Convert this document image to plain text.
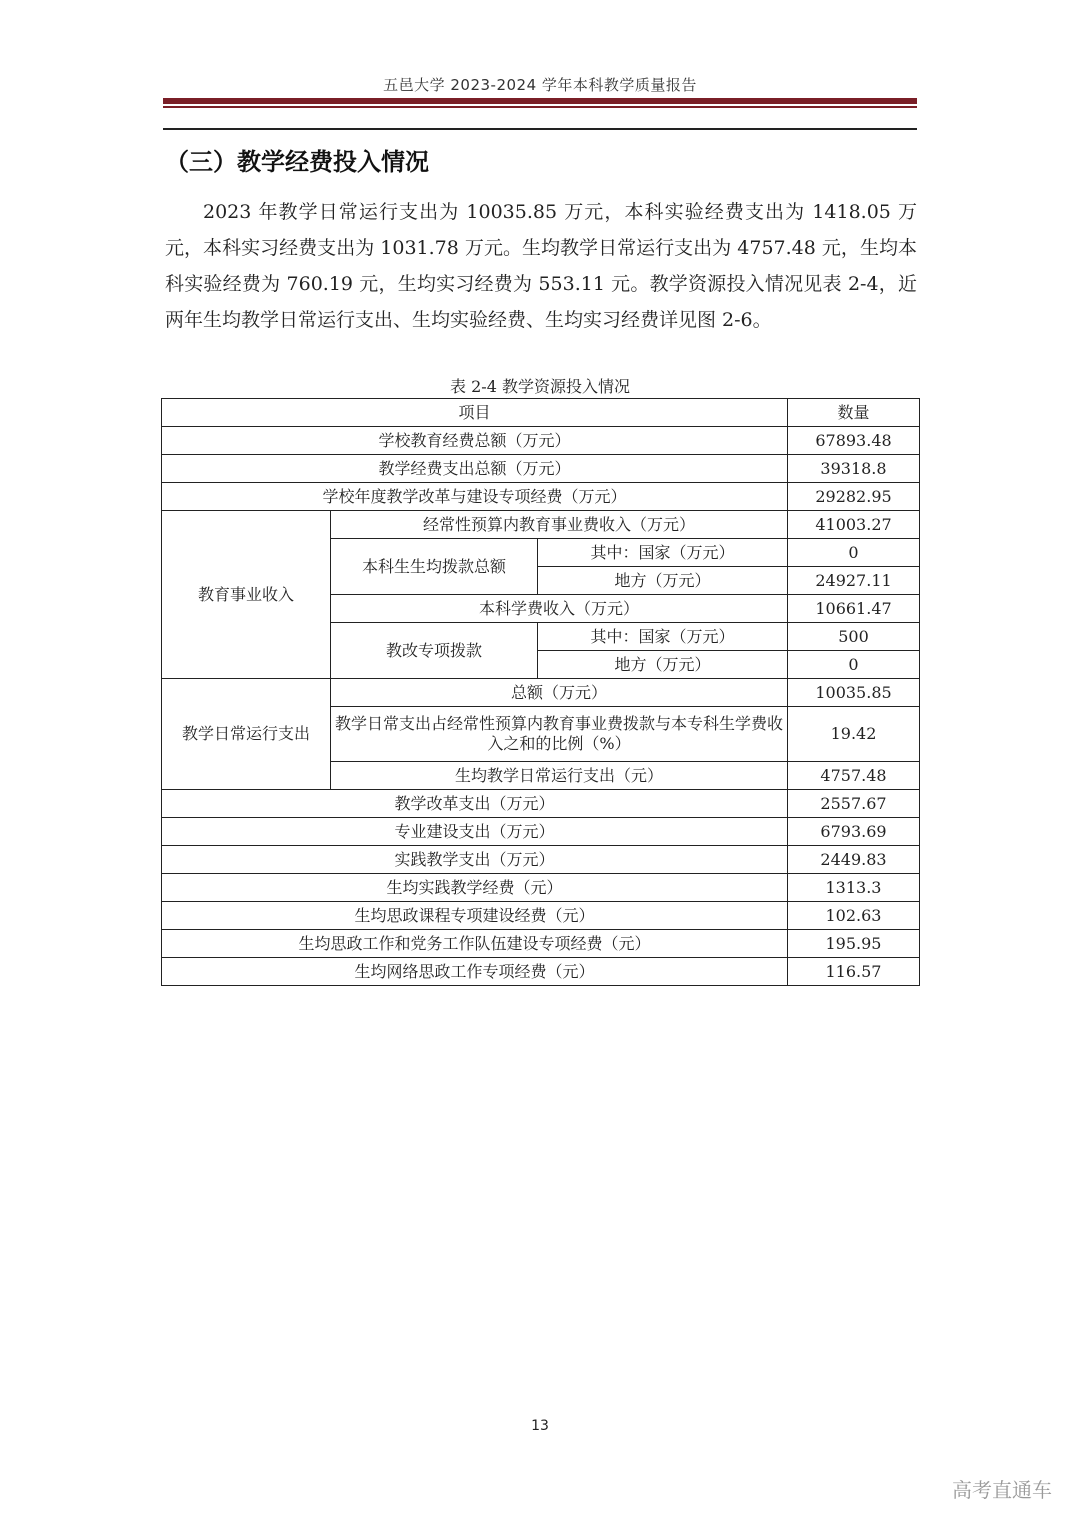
五邑大学 2023-2024 学年本科教学质量报告
（三）教学经费投入情况
2023 年教学日常运行支出为 10035.85 万元，本科实验经费支出为 1418.05 万元，本科实习经费支出为 1031.78 万元。生均教学日常运行支出为 4757.48 元，生均本科实验经费为 760.19 元，生均实习经费为 553.11 元。教学资源投入情况见表 2-4，近两年生均教学日常运行支出、生均实验经费、生均实习经费详见图 2-6。
表 2-4 教学资源投入情况
项目			数量
学校教育经费总额（万元）			67893.48
教学经费支出总额（万元）			39318.8
学校年度教学改革与建设专项经费（万元）			29282.95
教育事业收入	经常性预算内教育事业费收入（万元）		41003.27
	本科生生均拨款总额	其中：国家（万元）	0
		地方（万元）	24927.11
	本科学费收入（万元）		10661.47
	教改专项拨款	其中：国家（万元）	500
		地方（万元）	0
教学日常运行支出	总额（万元）		10035.85
	教学日常支出占经常性预算内教育事业费拨款与本专科生学费收入之和的比例（%）		19.42
	生均教学日常运行支出（元）		4757.48
教学改革支出（万元）			2557.67
专业建设支出（万元）			6793.69
实践教学支出（万元）			2449.83
生均实践教学经费（元）			1313.3
生均思政课程专项建设经费（元）			102.63
生均思政工作和党务工作队伍建设专项经费（元）			195.95
生均网络思政工作专项经费（元）			116.57
13
高考直通车
